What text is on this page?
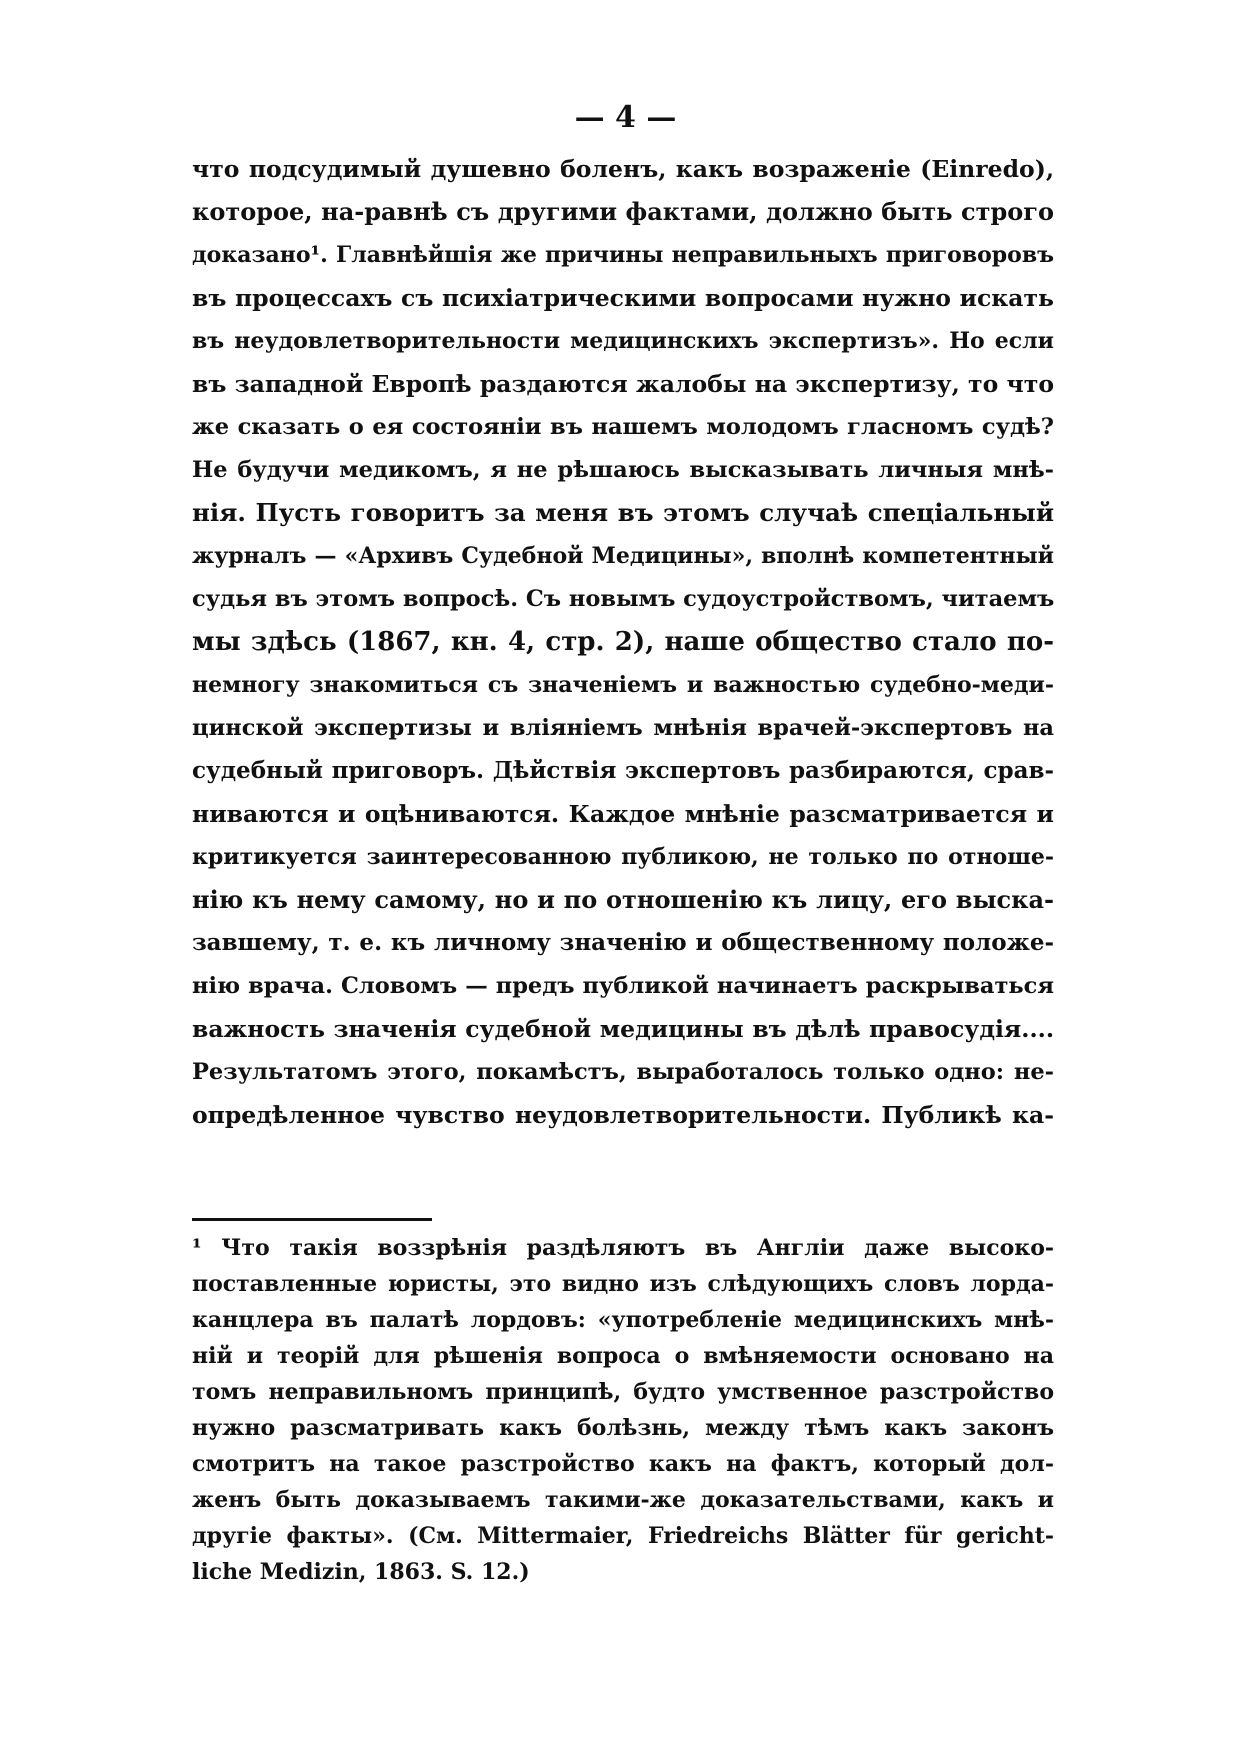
— 4 —
что подсудимый душевно боленъ, какъ возраженіе (Einredo),
которое, на-равнѣ съ другими фактами, должно быть строго
доказано¹. Главнѣйшія же причины неправильныхъ приговоровъ
въ процессахъ съ психіатрическими вопросами нужно искать
въ неудовлетворительности медицинскихъ экспертизъ». Но если
въ западной Европѣ раздаются жалобы на экспертизу, то что
же сказать о ея состояніи въ нашемъ молодомъ гласномъ судѣ?
Не будучи медикомъ, я не рѣшаюсь высказывать личныя мнѣ-
нія. Пусть говоритъ за меня въ этомъ случаѣ спеціальный
журналъ — «Архивъ Судебной Медицины», вполнѣ компетентный
судья въ этомъ вопросѣ. Съ новымъ судоустройствомъ, читаемъ
мы здѣсь (1867, кн. 4, стр. 2), наше общество стало по-
немногу знакомиться съ значеніемъ и важностью судебно-меди-
цинской экспертизы и вліяніемъ мнѣнія врачей-экспертовъ на
судебный приговоръ. Дѣйствія экспертовъ разбираются, срав-
ниваются и оцѣниваются. Каждое мнѣніе разсматривается и
критикуется заинтересованною публикою, не только по отноше-
нію къ нему самому, но и по отношенію къ лицу, его выска-
завшему, т. е. къ личному значенію и общественному положе-
нію врача. Словомъ — предъ публикой начинаетъ раскрываться
важность значенія судебной медицины въ дѣлѣ правосудія....
Результатомъ этого, покамѣстъ, выработалось только одно: не-
опредѣленное чувство неудовлетворительности. Публикѣ ка-
¹ Что такія воззрѣнія раздѣляютъ въ Англіи даже высоко-
поставленные юристы, это видно изъ слѣдующихъ словъ лорда-
канцлера въ палатѣ лордовъ: «употребленіе медицинскихъ мнѣ-
ній и теорій для рѣшенія вопроса о вмѣняемости основано на
томъ неправильномъ принципѣ, будто умственное разстройство
нужно разсматривать какъ болѣзнь, между тѣмъ какъ законъ
смотритъ на такое разстройство какъ на фактъ, который дол-
женъ быть доказываемъ такими-же доказательствами, какъ и
другіе факты». (См. Mittermaier, Friedreichs Blätter für gericht-
liche Medizin, 1863. S. 12.)
